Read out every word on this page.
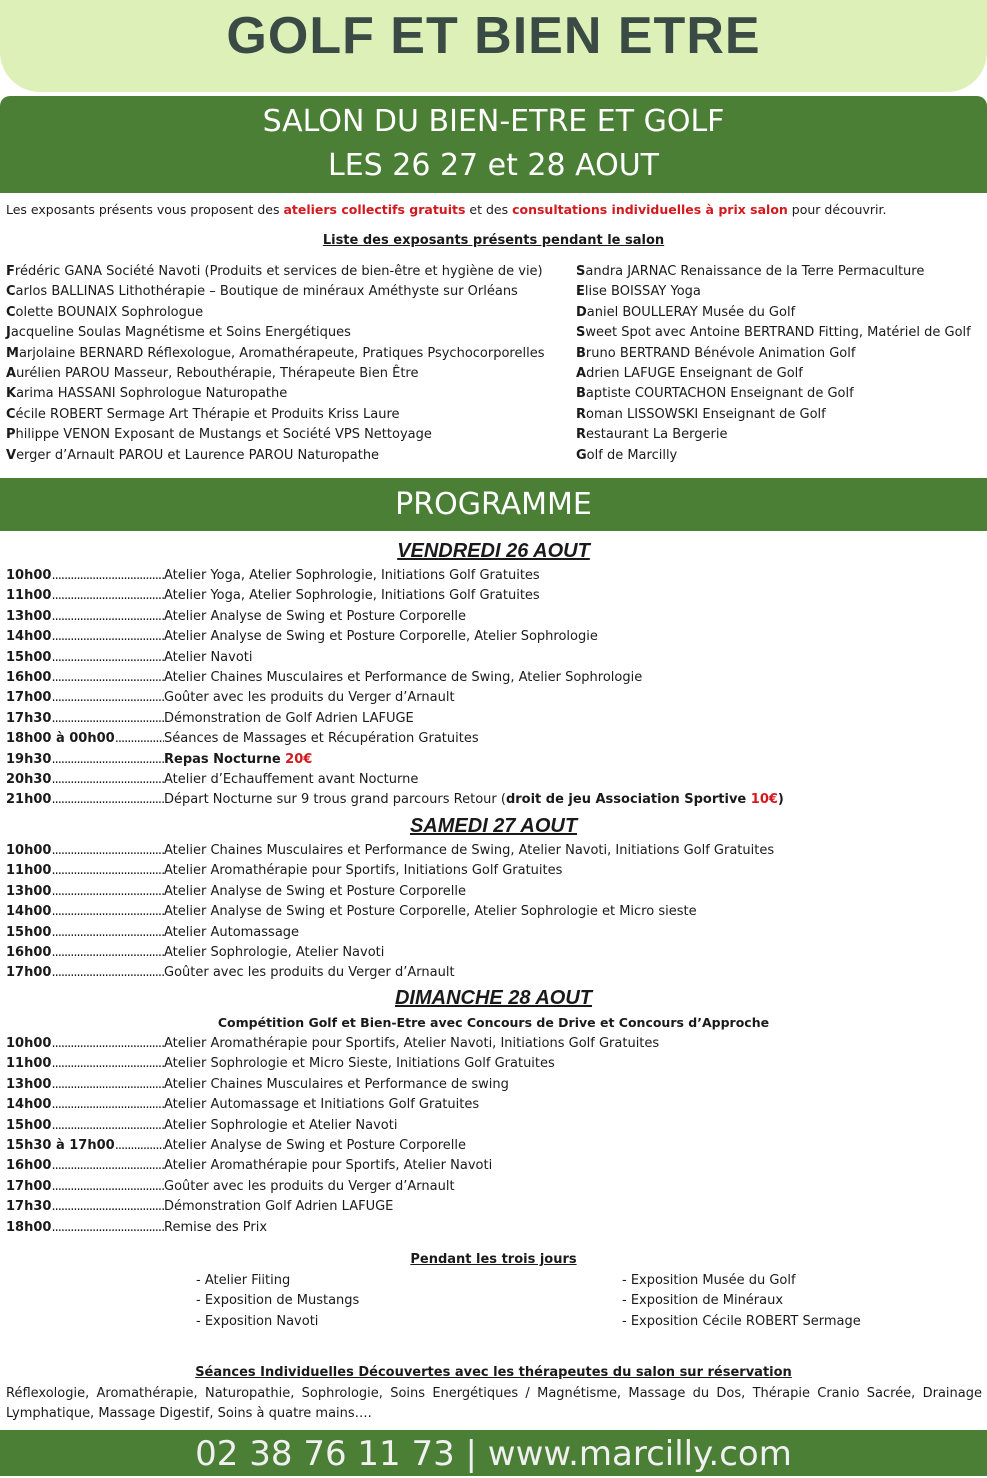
GOLF ET BIEN ETRE
SALON DU BIEN-ETRE ET GOLF
LES 26 27 et 28 AOUT
Les exposants présents vous proposent des ateliers collectifs gratuits et des consultations individuelles à prix salon pour découvrir.
Liste des exposants présents pendant le salon
Frédéric GANA Société Navoti (Produits et services de bien-être et hygiène de vie)
Carlos BALLINAS Lithothérapie – Boutique de minéraux Améthyste sur Orléans
Colette BOUNAIX Sophrologue
Jacqueline Soulas Magnétisme et Soins Energétiques
Marjolaine BERNARD Réflexologue, Aromathérapeute, Pratiques Psychocorporelles
Aurélien PAROU Masseur, Rebouthérapie, Thérapeute Bien Être
Karima HASSANI Sophrologue Naturopathe
Cécile ROBERT Sermage Art Thérapie et Produits Kriss Laure
Philippe VENON Exposant de Mustangs et Société VPS Nettoyage
Verger d’Arnault PAROU et Laurence PAROU Naturopathe
Sandra JARNAC Renaissance de la Terre Permaculture
Elise BOISSAY Yoga
Daniel BOULLERAY Musée du Golf
Sweet Spot avec Antoine BERTRAND Fitting, Matériel de Golf
Bruno BERTRAND Bénévole Animation Golf
Adrien LAFUGE Enseignant de Golf
Baptiste COURTACHON Enseignant de Golf
Roman LISSOWSKI Enseignant de Golf
Restaurant La Bergerie
Golf de Marcilly
PROGRAMME
VENDREDI 26 AOUT
10h00 .....	Atelier Yoga, Atelier Sophrologie, Initiations Golf Gratuites
11h00 .....	Atelier Yoga, Atelier Sophrologie, Initiations Golf Gratuites
13h00 .....	Atelier Analyse de Swing et Posture Corporelle
14h00 .....	Atelier Analyse de Swing et Posture Corporelle, Atelier Sophrologie
15h00 .....	Atelier Navoti
16h00 .....	Atelier Chaines Musculaires et Performance de Swing, Atelier Sophrologie
17h00 .....	Goûter avec les produits du Verger d’Arnault
17h30 .....	Démonstration de Golf Adrien LAFUGE
18h00 à 00h00 .....	Séances de Massages et Récupération Gratuites
19h30 .....	Repas Nocturne 20€
20h30 .....	Atelier d’Echauffement avant Nocturne
21h00 .....	Départ Nocturne sur 9 trous grand parcours Retour (droit de jeu Association Sportive 10€)
SAMEDI 27 AOUT
10h00 .....	Atelier Chaines Musculaires et Performance de Swing, Atelier Navoti, Initiations Golf Gratuites
11h00 .....	Atelier Aromathérapie pour Sportifs, Initiations Golf Gratuites
13h00 .....	Atelier Analyse de Swing et Posture Corporelle
14h00 .....	Atelier Analyse de Swing et Posture Corporelle, Atelier Sophrologie et Micro sieste
15h00 .....	Atelier Automassage
16h00 .....	Atelier Sophrologie, Atelier Navoti
17h00 .....	Goûter avec les produits du Verger d’Arnault
DIMANCHE 28 AOUT
Compétition Golf et Bien-Etre avec Concours de Drive et Concours d’Approche
10h00 .....	Atelier Aromathérapie pour Sportifs, Atelier Navoti, Initiations Golf Gratuites
11h00 .....	Atelier Sophrologie et Micro Sieste, Initiations Golf Gratuites
13h00 .....	Atelier Chaines Musculaires et Performance de swing
14h00 .....	Atelier Automassage et Initiations Golf Gratuites
15h00 .....	Atelier Sophrologie et Atelier Navoti
15h30 à 17h00 .....	Atelier Analyse de Swing et Posture Corporelle
16h00 .....	Atelier Aromathérapie pour Sportifs, Atelier Navoti
17h00 .....	Goûter avec les produits du Verger d’Arnault
17h30 .....	Démonstration Golf Adrien LAFUGE
18h00 .....	Remise des Prix
Pendant les trois jours
- Atelier Fiiting
- Exposition de Mustangs
- Exposition Navoti
- Exposition Musée du Golf
- Exposition de Minéraux
- Exposition Cécile ROBERT Sermage
Séances Individuelles Découvertes avec les thérapeutes du salon sur réservation
Réflexologie, Aromathérapie, Naturopathie, Sophrologie, Soins Energétiques / Magnétisme, Massage du Dos, Thérapie Cranio Sacrée, Drainage Lymphatique, Massage Digestif, Soins à quatre mains….
02 38 76 11 73 | www.marcilly.com
